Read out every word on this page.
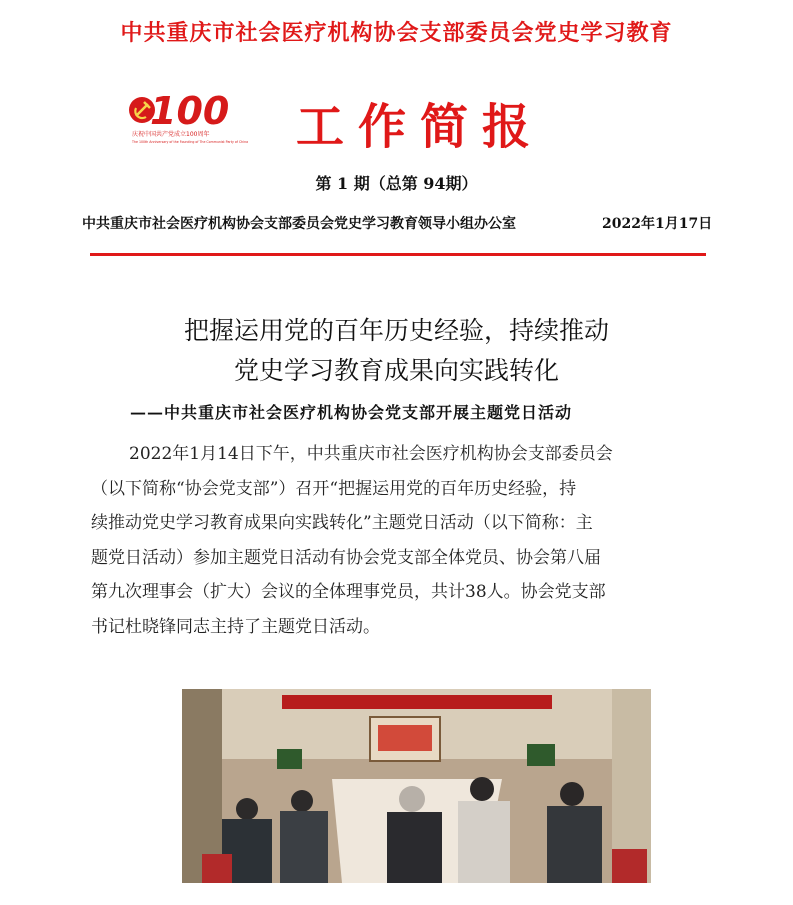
中共重庆市社会医疗机构协会支部委员会党史学习教育
100
庆祝中国共产党成立100周年
The 100th Anniversary of the Founding of The Communist Party of China 工作简报
第 1 期（总第 94期）
中共重庆市社会医疗机构协会支部委员会党史学习教育领导小组办公室	2022年1月17日
把握运用党的百年历史经验，持续推动
党史学习教育成果向实践转化
——中共重庆市社会医疗机构协会党支部开展主题党日活动

2022年1月14日下午，中共重庆市社会医疗机构协会支部委员会

（以下简称“协会党支部”）召开“把握运用党的百年历史经验，持

续推动党史学习教育成果向实践转化”主题党日活动（以下简称：主

题党日活动）参加主题党日活动有协会党支部全体党员、协会第八届

第九次理事会（扩大）会议的全体理事党员，共计38人。协会党支部

书记杜晓锋同志主持了主题党日活动。
